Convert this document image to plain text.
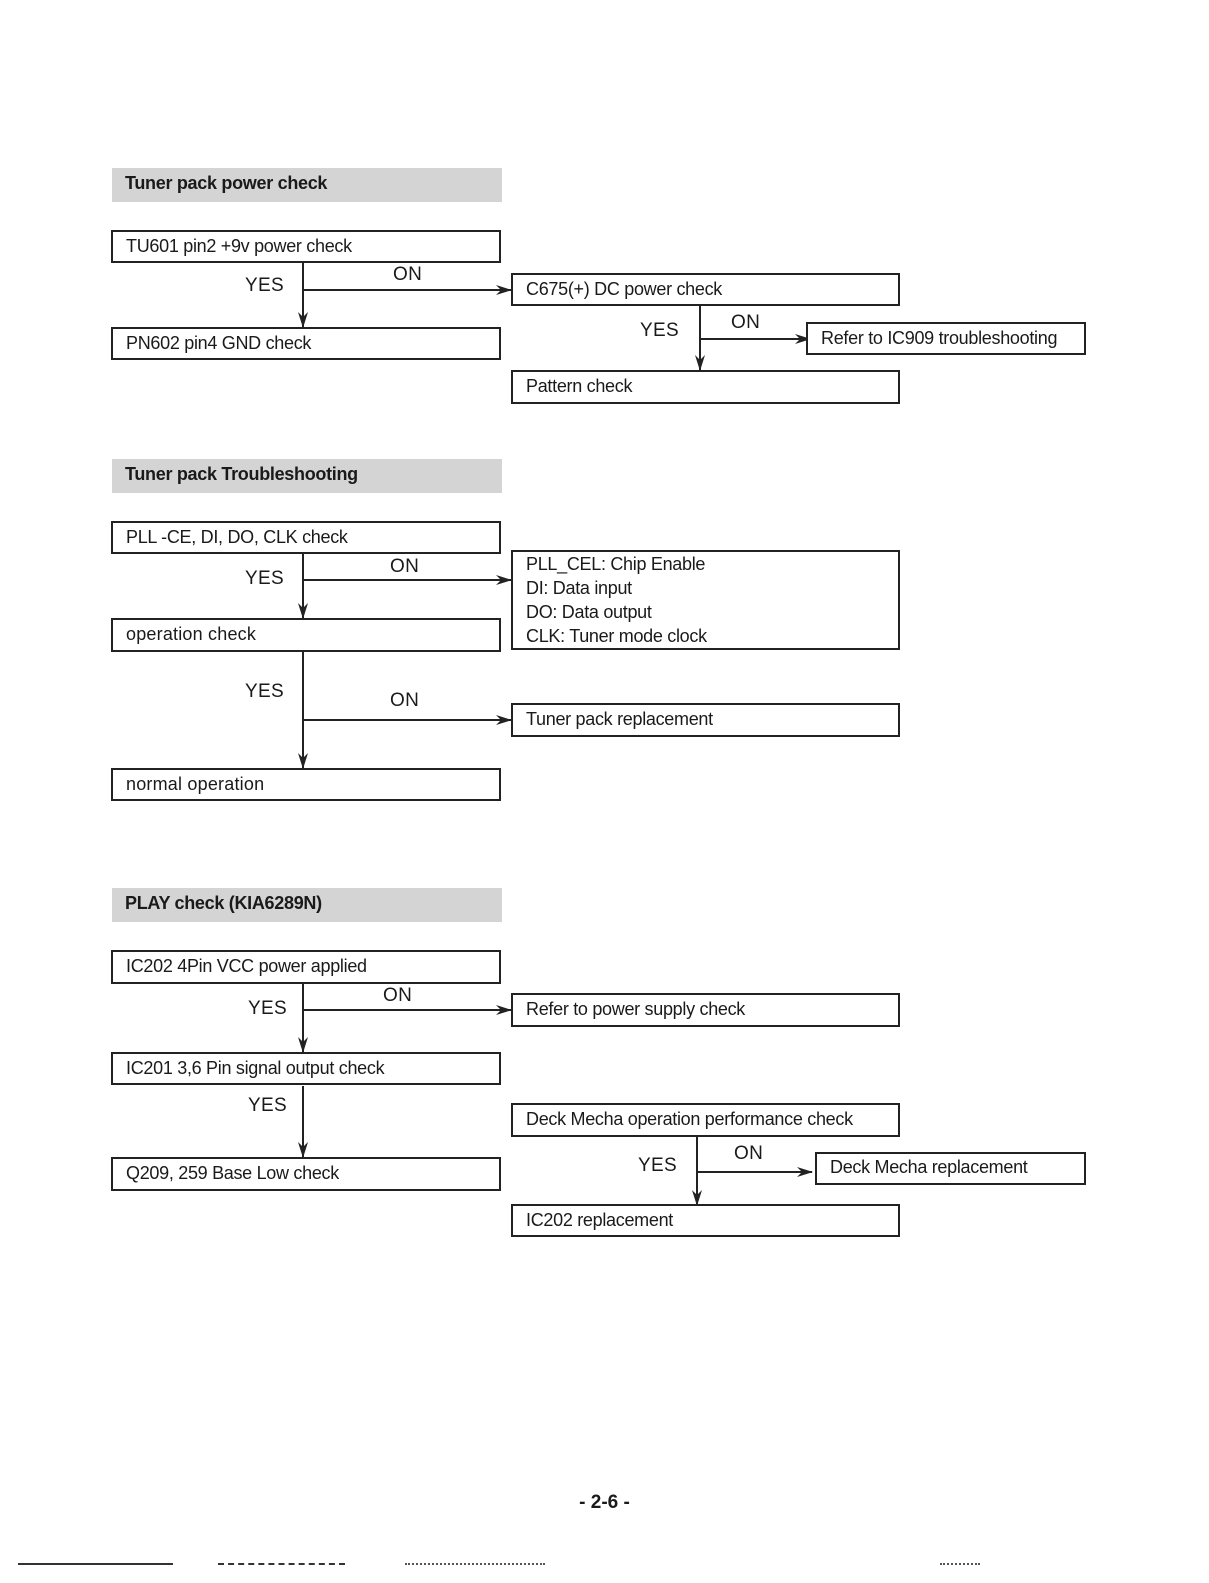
Tuner pack power check
TU601 pin2 +9v power check
YES
ON
PN602 pin4 GND check
C675(+) DC power check
YES	ON
Refer to IC909 troubleshooting
Pattern check
Tuner pack Troubleshooting
PLL -CE, DI, DO, CLK check
YES
ON	PLL_CEL: Chip Enable
DI: Data input
DO: Data output
CLK: Tuner mode clock
operation check
YES	ON
Tuner pack replacement
normal operation
PLAY check (KIA6289N)
IC202 4Pin VCC power applied
YES
ON
Refer to power supply check
IC201 3,6 Pin signal output check
YES
Q209, 259 Base Low check
Deck Mecha operation performance check
YES
ON
Deck Mecha replacement
IC202 replacement
- 2-6 -
